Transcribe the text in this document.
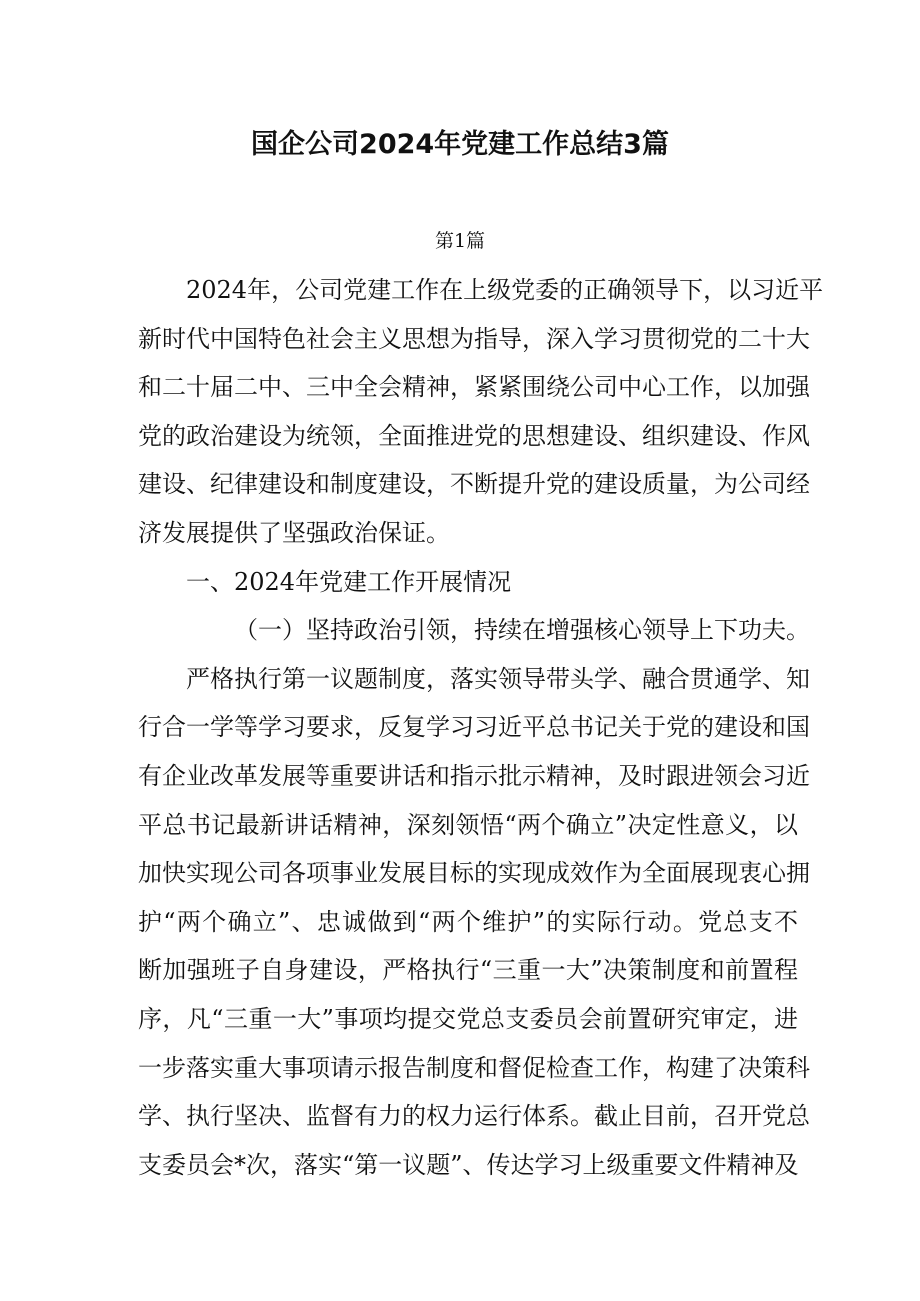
国企公司2024年党建工作总结3篇
第1篇
2024年，公司党建工作在上级党委的正确领导下，以习近平
新时代中国特色社会主义思想为指导，深入学习贯彻党的二十大
和二十届二中、三中全会精神，紧紧围绕公司中心工作，以加强
党的政治建设为统领，全面推进党的思想建设、组织建设、作风
建设、纪律建设和制度建设，不断提升党的建设质量，为公司经
济发展提供了坚强政治保证。
一、2024年党建工作开展情况
（一）坚持政治引领，持续在增强核心领导上下功夫。
严格执行第一议题制度，落实领导带头学、融合贯通学、知
行合一学等学习要求，反复学习习近平总书记关于党的建设和国
有企业改革发展等重要讲话和指示批示精神，及时跟进领会习近
平总书记最新讲话精神，深刻领悟“两个确立”决定性意义，以
加快实现公司各项事业发展目标的实现成效作为全面展现衷心拥
护“两个确立”、忠诚做到“两个维护”的实际行动。党总支不
断加强班子自身建设，严格执行“三重一大”决策制度和前置程
序，凡“三重一大”事项均提交党总支委员会前置研究审定，进
一步落实重大事项请示报告制度和督促检查工作，构建了决策科
学、执行坚决、监督有力的权力运行体系。截止目前，召开党总
支委员会*次，落实“第一议题”、传达学习上级重要文件精神及
